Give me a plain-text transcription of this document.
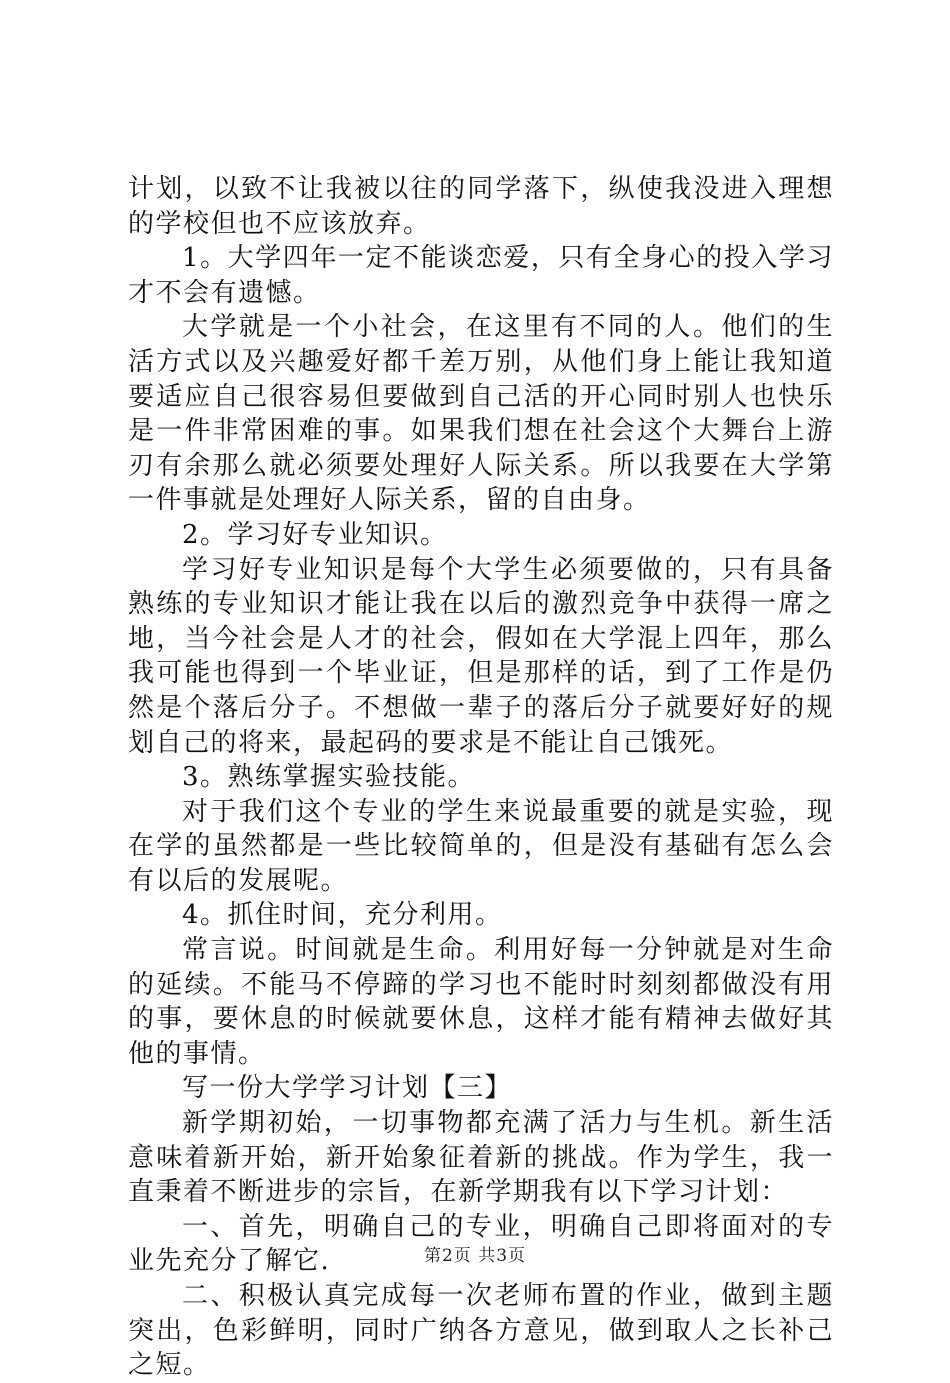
计划，以致不让我被以往的同学落下，纵使我没进入理想的学校但也不应该放弃。

1。大学四年一定不能谈恋爱，只有全身心的投入学习才不会有遗憾。

大学就是一个小社会，在这里有不同的人。他们的生活方式以及兴趣爱好都千差万别，从他们身上能让我知道要适应自己很容易但要做到自己活的开心同时别人也快乐是一件非常困难的事。如果我们想在社会这个大舞台上游刃有余那么就必须要处理好人际关系。所以我要在大学第一件事就是处理好人际关系，留的自由身。

2。学习好专业知识。

学习好专业知识是每个大学生必须要做的，只有具备熟练的专业知识才能让我在以后的激烈竞争中获得一席之地，当今社会是人才的社会，假如在大学混上四年，那么我可能也得到一个毕业证，但是那样的话，到了工作是仍然是个落后分子。不想做一辈子的落后分子就要好好的规划自己的将来，最起码的要求是不能让自己饿死。

3。熟练掌握实验技能。

对于我们这个专业的学生来说最重要的就是实验，现在学的虽然都是一些比较简单的，但是没有基础有怎么会有以后的发展呢。

4。抓住时间，充分利用。

常言说。时间就是生命。利用好每一分钟就是对生命的延续。不能马不停蹄的学习也不能时时刻刻都做没有用的事，要休息的时候就要休息，这样才能有精神去做好其他的事情。

写一份大学学习计划【三】

新学期初始，一切事物都充满了活力与生机。新生活意味着新开始，新开始象征着新的挑战。作为学生，我一直秉着不断进步的宗旨，在新学期我有以下学习计划：

一、首先，明确自己的专业，明确自己即将面对的专业先充分了解它.

二、积极认真完成每一次老师布置的作业，做到主题突出，色彩鲜明，同时广纳各方意见，做到取人之长补己之短。

第2页 共3页
